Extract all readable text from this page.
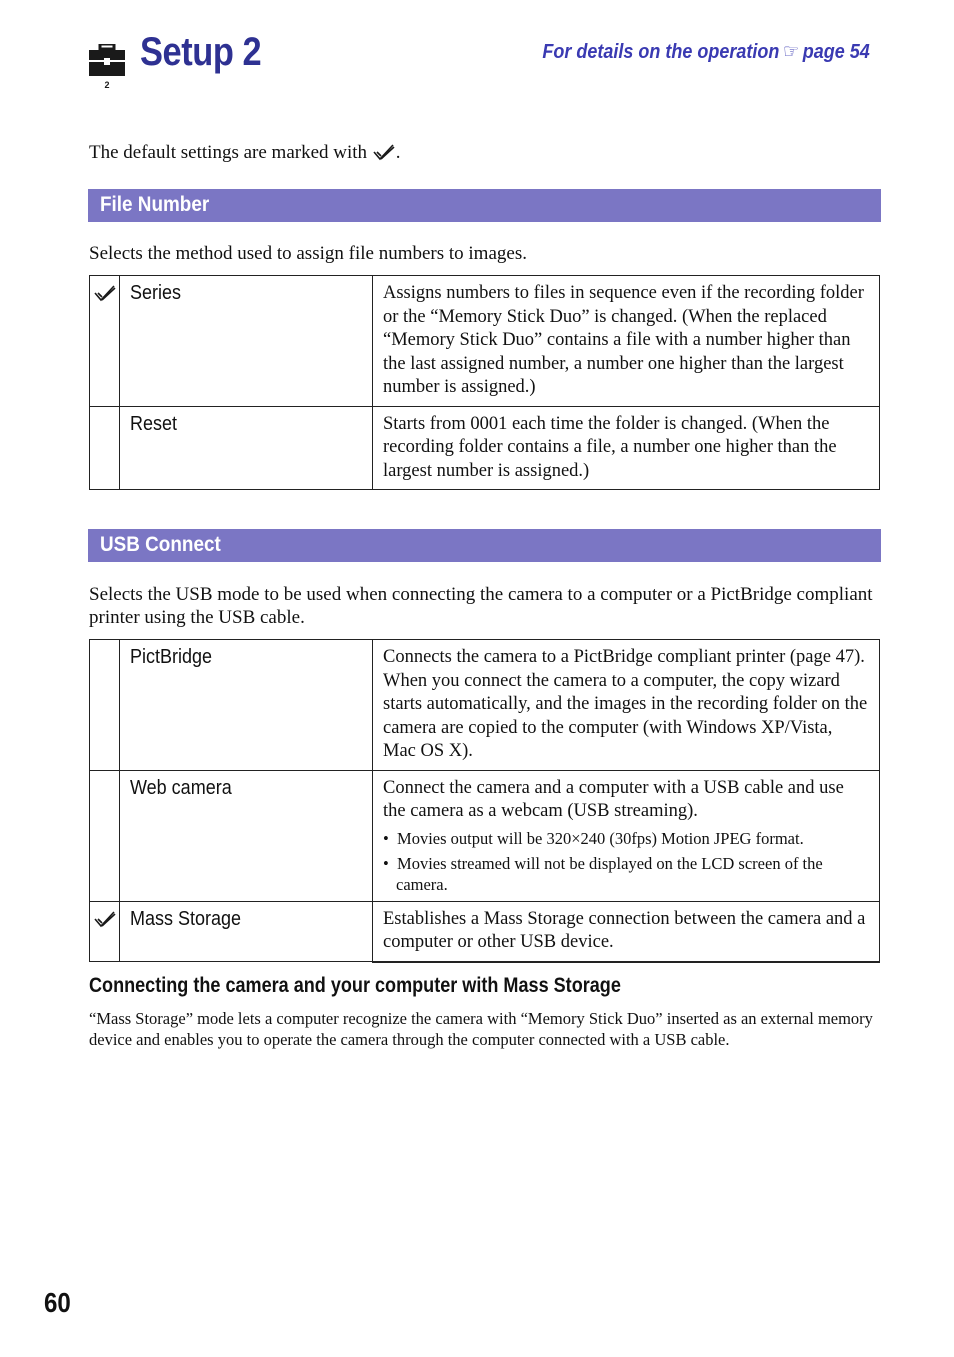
2
Setup 2	For details on the operation ☞ page 54
The default settings are marked with .
File Number
Selects the method used to assign file numbers to images.
	Series	Assigns numbers to files in sequence even if the recording folder or the “Memory Stick Duo” is changed. (When the replaced “Memory Stick Duo” contains a file with a number higher than the last assigned number, a number one higher than the largest number is assigned.)
	Reset	Starts from 0001 each time the folder is changed. (When the recording folder contains a file, a number one higher than the largest number is assigned.)
USB Connect
Selects the USB mode to be used when connecting the camera to a computer or a PictBridge compliant printer using the USB cable.
	PictBridge	Connects the camera to a PictBridge compliant printer (page 47). When you connect the camera to a computer, the copy wizard starts automatically, and the images in the recording folder on the camera are copied to the computer (with Windows XP/Vista, Mac OS X).
	Web camera	Connect the camera and a computer with a USB cable and use the camera as a webcam (USB streaming).
•  Movies output will be 320×240 (30fps) Motion JPEG format.
•  Movies streamed will not be displayed on the LCD screen of the camera.

	Mass Storage	Establishes a Mass Storage connection between the camera and a computer or other USB device.
Connecting the camera and your computer with Mass Storage
“Mass Storage” mode lets a computer recognize the camera with “Memory Stick Duo” inserted as an external memory device and enables you to operate the camera through the computer connected with a USB cable.
60
